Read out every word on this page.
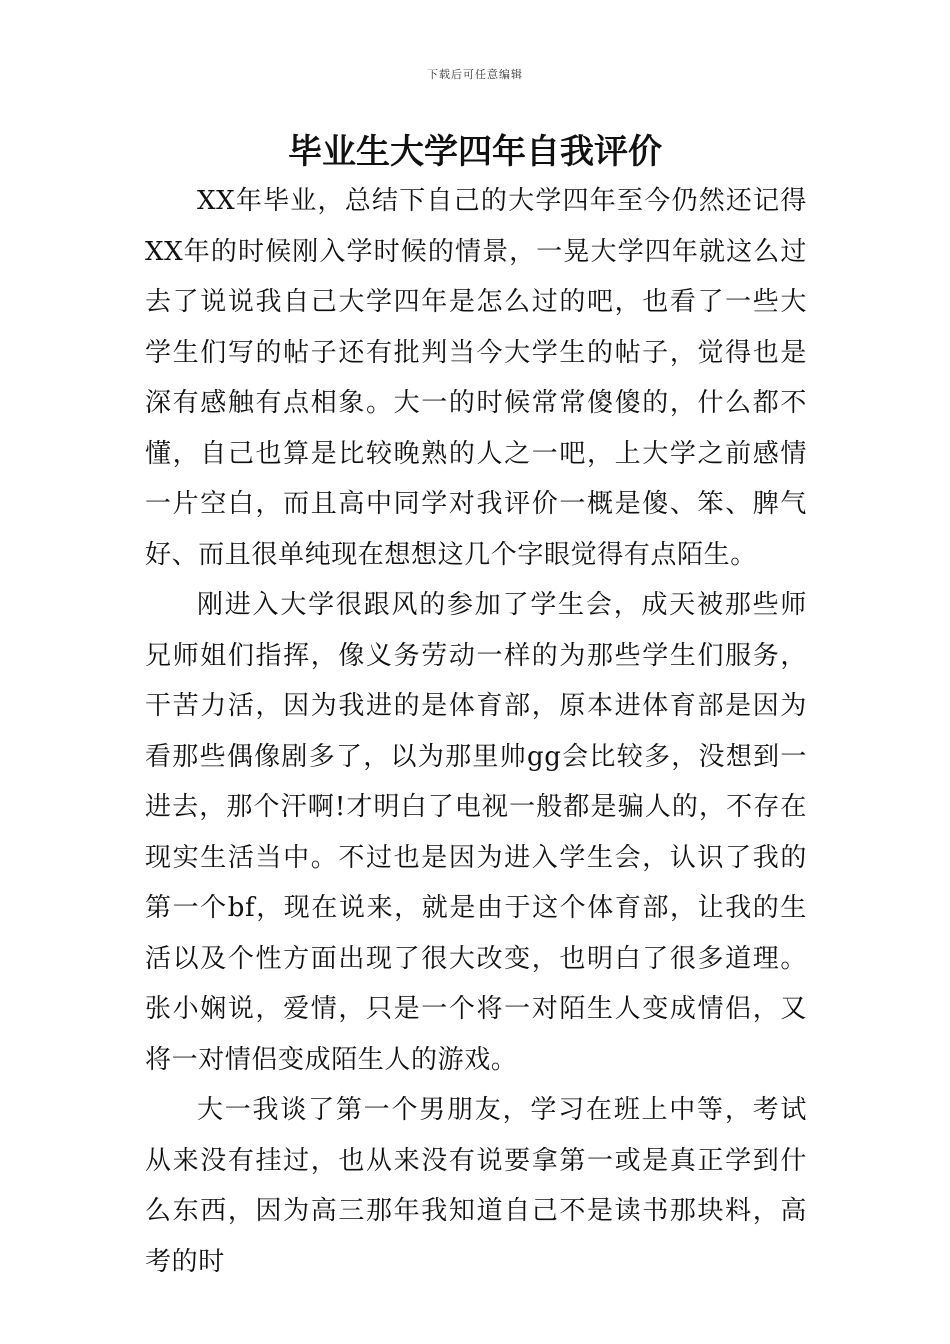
下载后可任意编辑
毕业生大学四年自我评价

XX年毕业，总结下自己的大学四年至今仍然还记得XX年的时候刚入学时候的情景，一晃大学四年就这么过去了说说我自己大学四年是怎么过的吧，也看了一些大学生们写的帖子还有批判当今大学生的帖子，觉得也是深有感触有点相象。大一的时候常常傻傻的，什么都不懂，自己也算是比较晚熟的人之一吧，上大学之前感情一片空白，而且高中同学对我评价一概是傻、笨、脾气好、而且很单纯现在想想这几个字眼觉得有点陌生。

刚进入大学很跟风的参加了学生会，成天被那些师兄师姐们指挥，像义务劳动一样的为那些学生们服务，干苦力活，因为我进的是体育部，原本进体育部是因为看那些偶像剧多了，以为那里帅gg会比较多，没想到一进去，那个汗啊!才明白了电视一般都是骗人的，不存在现实生活当中。不过也是因为进入学生会，认识了我的第一个bf，现在说来，就是由于这个体育部，让我的生活以及个性方面出现了很大改变，也明白了很多道理。张小娴说，爱情，只是一个将一对陌生人变成情侣，又将一对情侣变成陌生人的游戏。

大一我谈了第一个男朋友，学习在班上中等，考试从来没有挂过，也从来没有说要拿第一或是真正学到什么东西，因为高三那年我知道自己不是读书那块料，高考的时
